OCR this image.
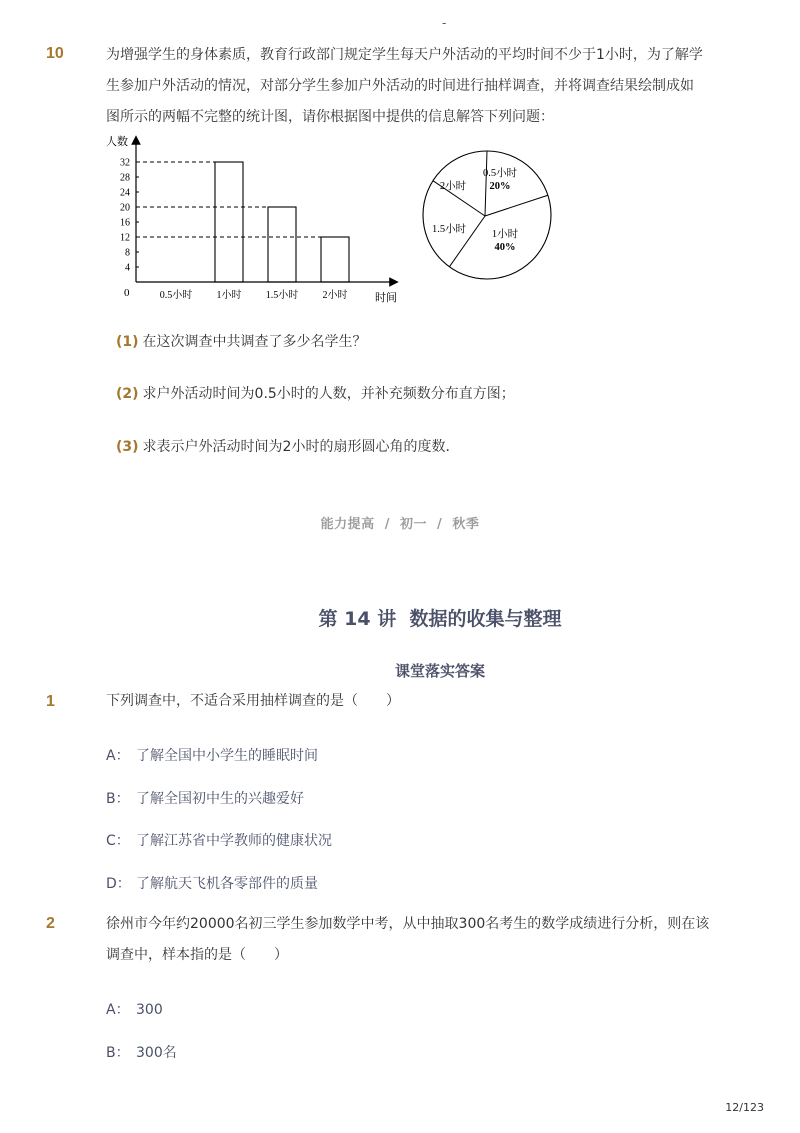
-
10	为增强学生的身体素质，教育行政部门规定学生每天户外活动的平均时间不少于1小时，为了解学
生参加户外活动的情况，对部分学生参加户外活动的时间进行抽样调查，并将调查结果绘制成如
图所示的两幅不完整的统计图，请你根据图中提供的信息解答下列问题：
人数
时间
0
4
8
12
16
20
24
28
32
0.5小时 1小时 1.5小时 2小时
0.5小时
20%
1小时
40%
1.5小时
2小时
(1) 在这次调查中共调查了多少名学生？
(2) 求户外活动时间为0.5小时的人数，并补充频数分布直方图；
(3) 求表示户外活动时间为2小时的扇形圆心角的度数．
能力提高  /  初一  /  秋季
第 14 讲  数据的收集与整理
课堂落实答案
1	下列调查中，不适合采用抽样调查的是（　　）
A： 了解全国中小学生的睡眠时间
B： 了解全国初中生的兴趣爱好
C： 了解江苏省中学教师的健康状况
D： 了解航天飞机各零部件的质量
2	徐州市今年约20000名初三学生参加数学中考，从中抽取300名考生的数学成绩进行分析，则在该
调查中，样本指的是（　　）
A： 300
B： 300名
12/123
